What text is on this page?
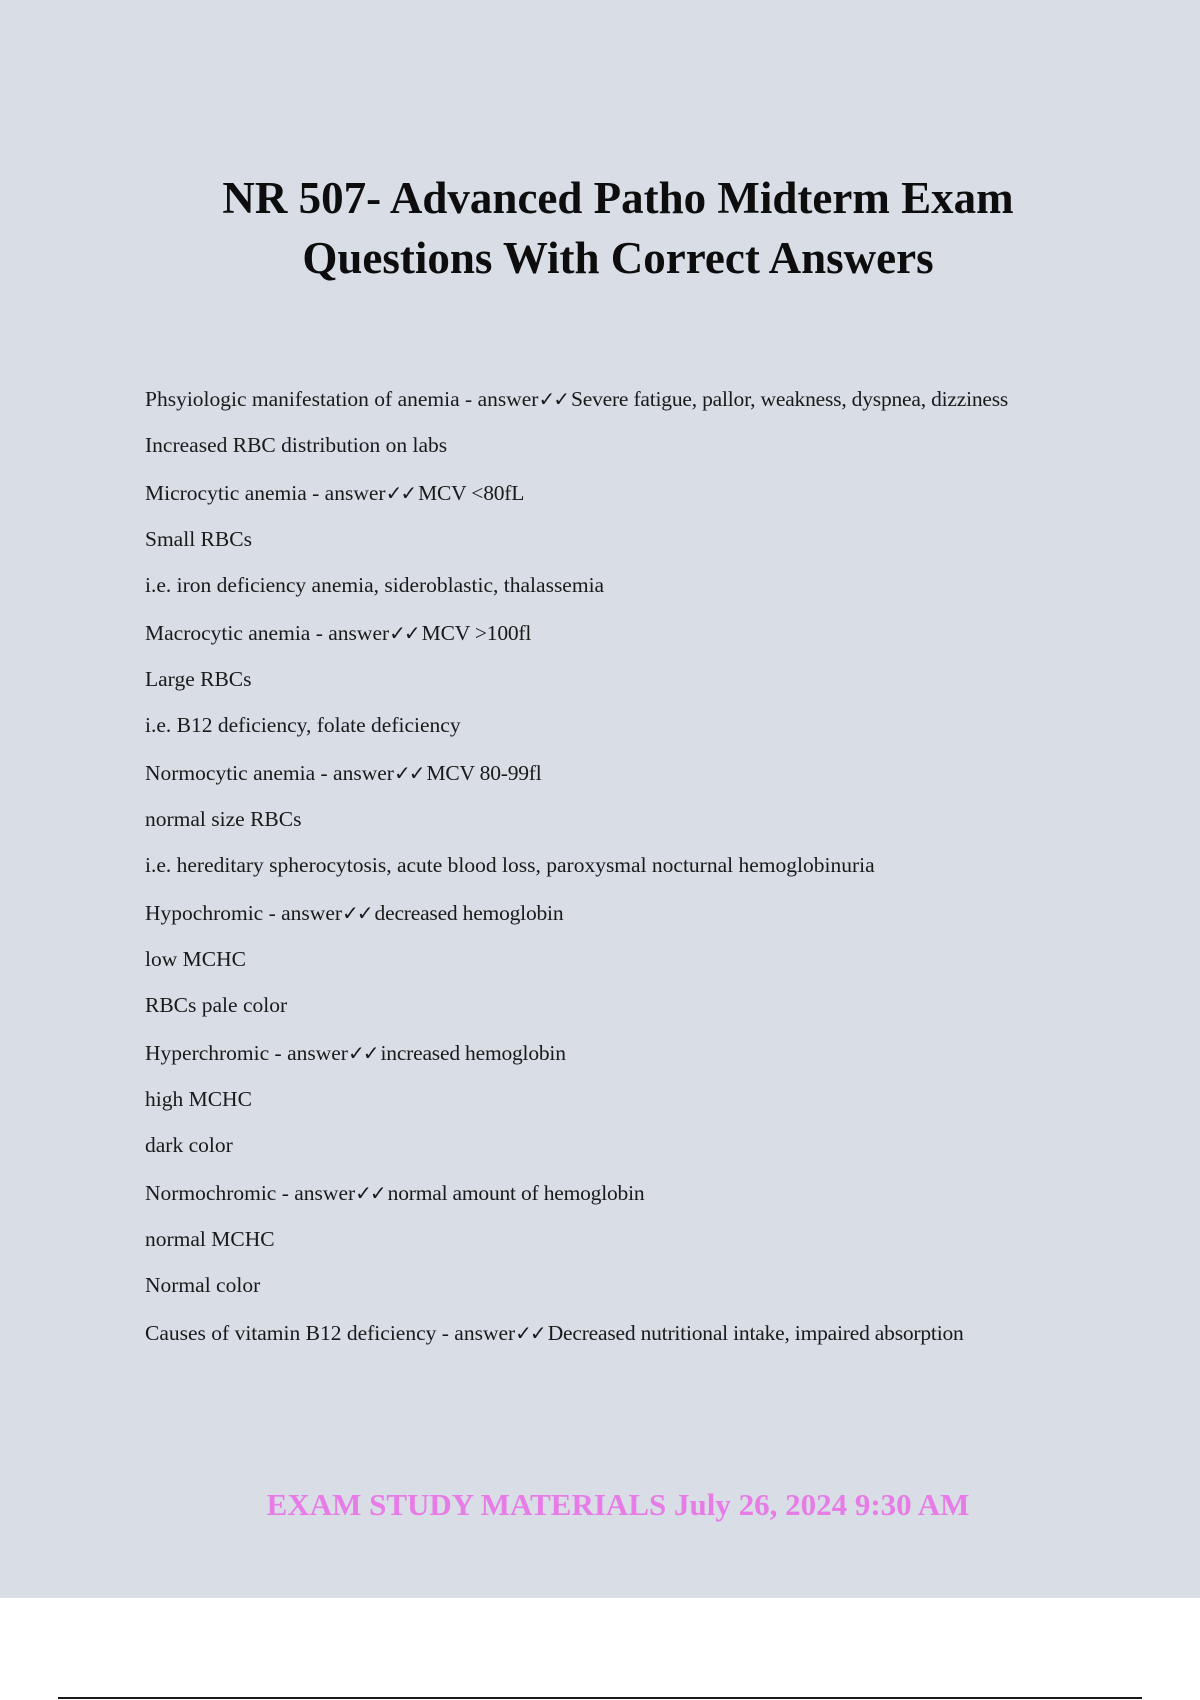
NR 507- Advanced Patho Midterm Exam
Questions With Correct Answers
Phsyiologic manifestation of anemia - answer✓✓ Severe fatigue, pallor, weakness, dyspnea, dizziness
Increased RBC distribution on labs
Microcytic anemia - answer✓✓ MCV <80fL
Small RBCs
i.e. iron deficiency anemia, sideroblastic, thalassemia
Macrocytic anemia - answer✓✓ MCV >100fl
Large RBCs
i.e. B12 deficiency, folate deficiency
Normocytic anemia - answer✓✓ MCV 80-99fl
normal size RBCs
i.e. hereditary spherocytosis, acute blood loss, paroxysmal nocturnal hemoglobinuria
Hypochromic - answer✓✓ decreased hemoglobin
low MCHC
RBCs pale color
Hyperchromic - answer✓✓ increased hemoglobin
high MCHC
dark color
Normochromic - answer✓✓ normal amount of hemoglobin
normal MCHC
Normal color
Causes of vitamin B12 deficiency - answer✓✓ Decreased nutritional intake, impaired absorption
EXAM STUDY MATERIALS July 26, 2024 9:30 AM
